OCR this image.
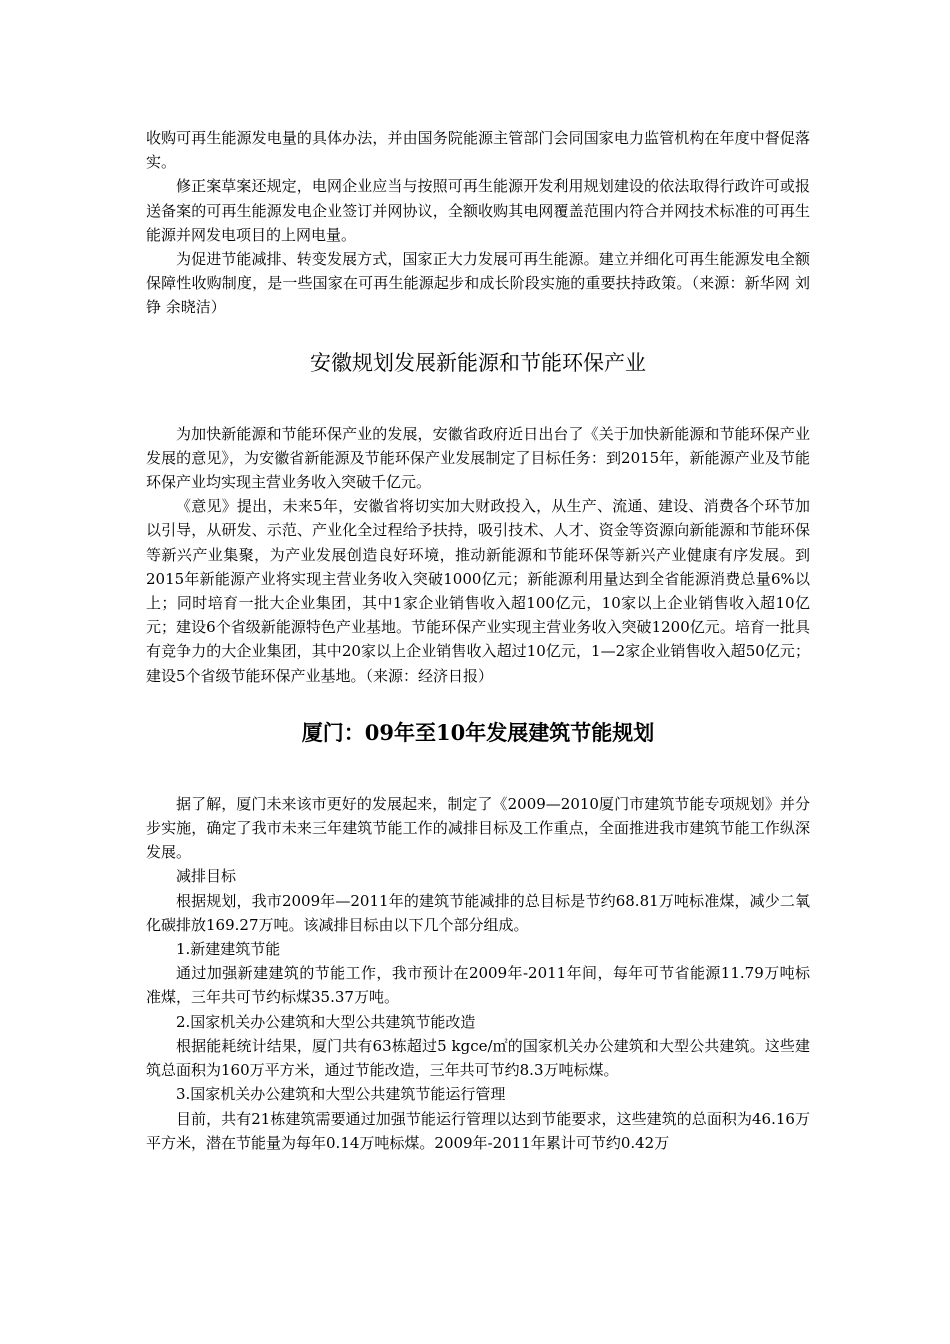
收购可再生能源发电量的具体办法，并由国务院能源主管部门会同国家电力监管机构在年度中督促落实。

修正案草案还规定，电网企业应当与按照可再生能源开发利用规划建设的依法取得行政许可或报送备案的可再生能源发电企业签订并网协议，全额收购其电网覆盖范围内符合并网技术标准的可再生能源并网发电项目的上网电量。

为促进节能减排、转变发展方式，国家正大力发展可再生能源。建立并细化可再生能源发电全额保障性收购制度，是一些国家在可再生能源起步和成长阶段实施的重要扶持政策。（来源：新华网 刘铮 余晓洁）

安徽规划发展新能源和节能环保产业

为加快新能源和节能环保产业的发展，安徽省政府近日出台了《关于加快新能源和节能环保产业发展的意见》，为安徽省新能源及节能环保产业发展制定了目标任务：到2015年，新能源产业及节能环保产业均实现主营业务收入突破千亿元。

《意见》提出，未来5年，安徽省将切实加大财政投入，从生产、流通、建设、消费各个环节加以引导，从研发、示范、产业化全过程给予扶持，吸引技术、人才、资金等资源向新能源和节能环保等新兴产业集聚，为产业发展创造良好环境，推动新能源和节能环保等新兴产业健康有序发展。到2015年新能源产业将实现主营业务收入突破1000亿元；新能源利用量达到全省能源消费总量6%以上；同时培育一批大企业集团，其中1家企业销售收入超100亿元，10家以上企业销售收入超10亿元；建设6个省级新能源特色产业基地。节能环保产业实现主营业务收入突破1200亿元。培育一批具有竞争力的大企业集团，其中20家以上企业销售收入超过10亿元，1—2家企业销售收入超50亿元；建设5个省级节能环保产业基地。（来源：经济日报）

厦门：09年至10年发展建筑节能规划

据了解，厦门未来该市更好的发展起来，制定了《2009—2010厦门市建筑节能专项规划》并分步实施，确定了我市未来三年建筑节能工作的减排目标及工作重点，全面推进我市建筑节能工作纵深发展。

减排目标

根据规划，我市2009年—2011年的建筑节能减排的总目标是节约68.81万吨标准煤，减少二氧化碳排放169.27万吨。该减排目标由以下几个部分组成。

1.新建建筑节能

通过加强新建建筑的节能工作，我市预计在2009年-2011年间，每年可节省能源11.79万吨标准煤，三年共可节约标煤35.37万吨。

2.国家机关办公建筑和大型公共建筑节能改造

根据能耗统计结果，厦门共有63栋超过5 kgce/㎡的国家机关办公建筑和大型公共建筑。这些建筑总面积为160万平方米，通过节能改造，三年共可节约8.3万吨标煤。

3.国家机关办公建筑和大型公共建筑节能运行管理

目前，共有21栋建筑需要通过加强节能运行管理以达到节能要求，这些建筑的总面积为46.16万平方米，潜在节能量为每年0.14万吨标煤。2009年-2011年累计可节约0.42万
